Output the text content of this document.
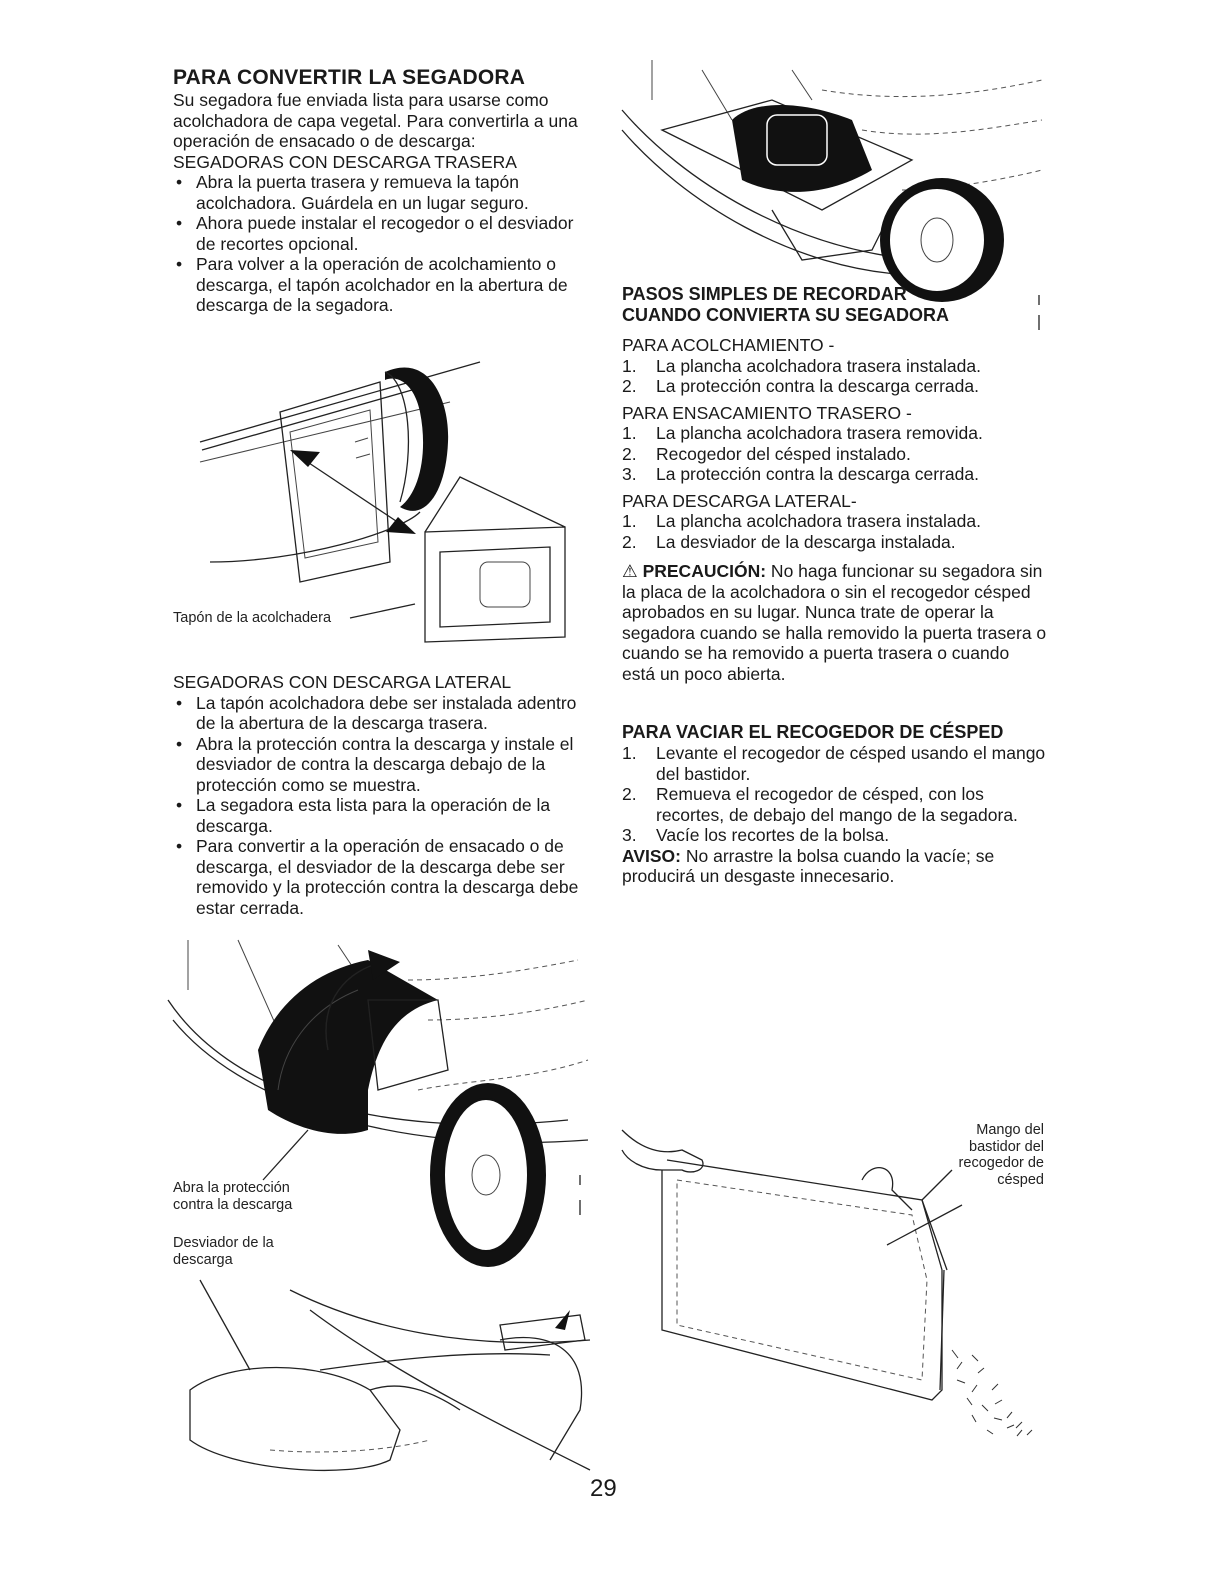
PARA CONVERTIR LA SEGADORA

Su segadora fue enviada lista para usarse como acolchadora de capa vegetal. Para convertirla a una operación de ensacado o de descarga:

SEGADORAS CON DESCARGA TRASERA

• Abra la puerta trasera y remueva la tapón acolchadora. Guárdela en un lugar seguro.
• Ahora puede instalar el recogedor o el desviador de recortes opcional.
• Para volver a la operación de acolchamiento o descarga, el tapón acolchador en la abertura de descarga de la segadora.
Tapón de la acolchadera

SEGADORAS CON DESCARGA LATERAL

• La tapón acolchadora debe ser instalada adentro de la abertura de la descarga trasera.
• Abra la protección contra la descarga y instale el desviador de contra la descarga debajo de la protección como se muestra.
• La segadora esta lista para la operación de la descarga.
• Para convertir a la operación de ensacado o de descarga, el desviador de la descarga debe ser removido y la protección contra la descarga debe estar cerrada.
Abra la protección contra la descarga
Desviador de la descarga
PASOS SIMPLES DE RECORDAR
CUANDO CONVIERTA SU SEGADORA

PARA ACOLCHAMIENTO -

1. La plancha acolchadora trasera instalada.
2. La protección contra la descarga cerrada.

PARA ENSACAMIENTO TRASERO -

1. La plancha acolchadora trasera removida.
2. Recogedor del césped instalado.
3. La protección contra la descarga cerrada.

PARA DESCARGA LATERAL-

1. La plancha acolchadora trasera instalada.
2. La desviador de la descarga instalada.

⚠ PRECAUCIÓN: No haga funcionar su segadora sin la placa de la acolchadora o sin el recogedor césped aprobados en su lugar. Nunca trate de operar la segadora cuando se halla removido la puerta trasera o cuando se ha removido a puerta trasera o cuando está un poco abierta.

PARA VACIAR EL RECOGEDOR DE CÉSPED
1. Levante el recogedor de césped usando el mango del bastidor.
2. Remueva el recogedor de césped, con los recortes, de debajo del mango de la segadora.
3. Vacíe los recortes de la bolsa.

AVISO: No arrastre la bolsa cuando la vacíe; se producirá un desgaste innecesario.

Mango del bastidor del recogedor de césped
29
